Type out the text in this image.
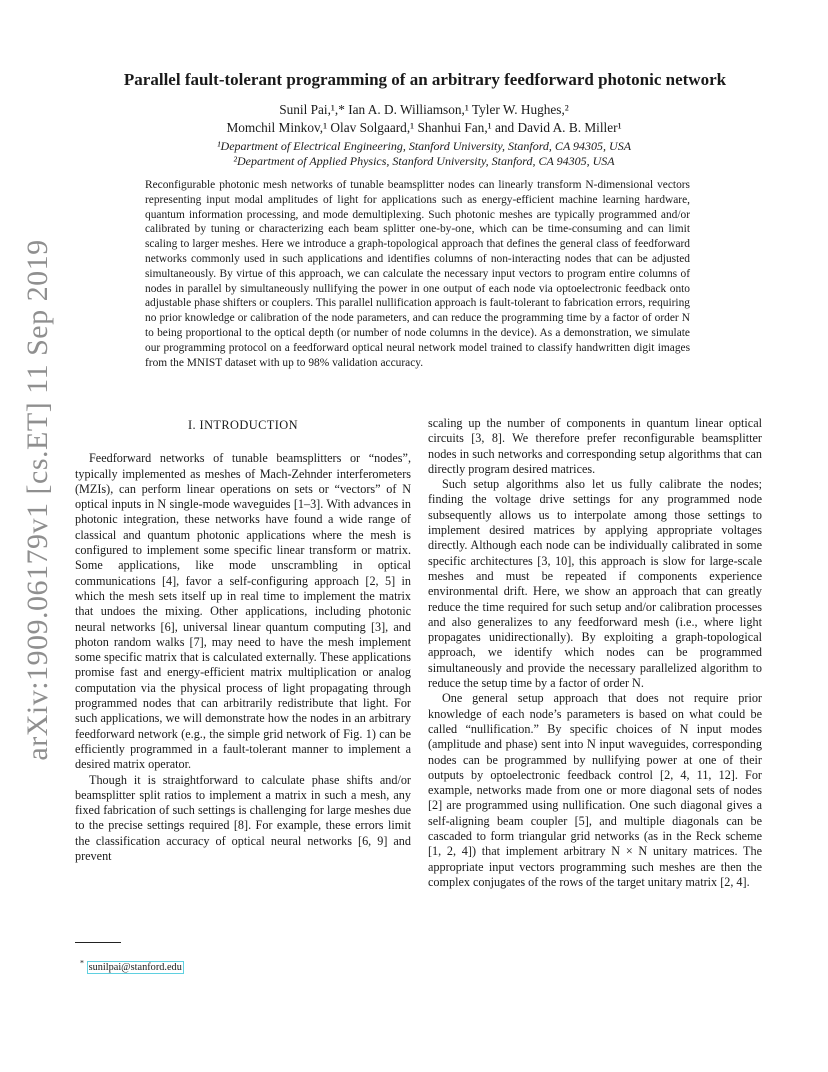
arXiv:1909.06179v1 [cs.ET] 11 Sep 2019
Parallel fault-tolerant programming of an arbitrary feedforward photonic network
Sunil Pai,¹,* Ian A. D. Williamson,¹ Tyler W. Hughes,²
Momchil Minkov,¹ Olav Solgaard,¹ Shanhui Fan,¹ and David A. B. Miller¹
¹Department of Electrical Engineering, Stanford University, Stanford, CA 94305, USA
²Department of Applied Physics, Stanford University, Stanford, CA 94305, USA
Reconfigurable photonic mesh networks of tunable beamsplitter nodes can linearly transform N-dimensional vectors representing input modal amplitudes of light for applications such as energy-efficient machine learning hardware, quantum information processing, and mode demultiplexing. Such photonic meshes are typically programmed and/or calibrated by tuning or characterizing each beam splitter one-by-one, which can be time-consuming and can limit scaling to larger meshes. Here we introduce a graph-topological approach that defines the general class of feedforward networks commonly used in such applications and identifies columns of non-interacting nodes that can be adjusted simultaneously. By virtue of this approach, we can calculate the necessary input vectors to program entire columns of nodes in parallel by simultaneously nullifying the power in one output of each node via optoelectronic feedback onto adjustable phase shifters or couplers. This parallel nullification approach is fault-tolerant to fabrication errors, requiring no prior knowledge or calibration of the node parameters, and can reduce the programming time by a factor of order N to being proportional to the optical depth (or number of node columns in the device). As a demonstration, we simulate our programming protocol on a feedforward optical neural network model trained to classify handwritten digit images from the MNIST dataset with up to 98% validation accuracy.
I. INTRODUCTION

Feedforward networks of tunable beamsplitters or “nodes”, typically implemented as meshes of Mach-Zehnder interferometers (MZIs), can perform linear operations on sets or “vectors” of N optical inputs in N single-mode waveguides [1–3]. With advances in photonic integration, these networks have found a wide range of classical and quantum photonic applications where the mesh is configured to implement some specific linear transform or matrix. Some applications, like mode unscrambling in optical communications [4], favor a self-configuring approach [2, 5] in which the mesh sets itself up in real time to implement the matrix that undoes the mixing. Other applications, including photonic neural networks [6], universal linear quantum computing [3], and photon random walks [7], may need to have the mesh implement some specific matrix that is calculated externally. These applications promise fast and energy-efficient matrix multiplication or analog computation via the physical process of light propagating through programmed nodes that can arbitrarily redistribute that light. For such applications, we will demonstrate how the nodes in an arbitrary feedforward network (e.g., the simple grid network of Fig. 1) can be efficiently programmed in a fault-tolerant manner to implement a desired matrix operator.

Though it is straightforward to calculate phase shifts and/or beamsplitter split ratios to implement a matrix in such a mesh, any fixed fabrication of such settings is challenging for large meshes due to the precise settings required [8]. For example, these errors limit the classification accuracy of optical neural networks [6, 9] and prevent

scaling up the number of components in quantum linear optical circuits [3, 8]. We therefore prefer reconfigurable beamsplitter nodes in such networks and corresponding setup algorithms that can directly program desired matrices.

Such setup algorithms also let us fully calibrate the nodes; finding the voltage drive settings for any programmed node subsequently allows us to interpolate among those settings to implement desired matrices by applying appropriate voltages directly. Although each node can be individually calibrated in some specific architectures [3, 10], this approach is slow for large-scale meshes and must be repeated if components experience environmental drift. Here, we show an approach that can greatly reduce the time required for such setup and/or calibration processes and also generalizes to any feedforward mesh (i.e., where light propagates unidirectionally). By exploiting a graph-topological approach, we identify which nodes can be programmed simultaneously and provide the necessary parallelized algorithm to reduce the setup time by a factor of order N.

One general setup approach that does not require prior knowledge of each node’s parameters is based on what could be called “nullification.” By specific choices of N input modes (amplitude and phase) sent into N input waveguides, corresponding nodes can be programmed by nullifying power at one of their outputs by optoelectronic feedback control [2, 4, 11, 12]. For example, networks made from one or more diagonal sets of nodes [2] are programmed using nullification. One such diagonal gives a self-aligning beam coupler [5], and multiple diagonals can be cascaded to form triangular grid networks (as in the Reck scheme [1, 2, 4]) that implement arbitrary N × N unitary matrices. The appropriate input vectors programming such meshes are then the complex conjugates of the rows of the target unitary matrix [2, 4].

* sunilpai@stanford.edu
